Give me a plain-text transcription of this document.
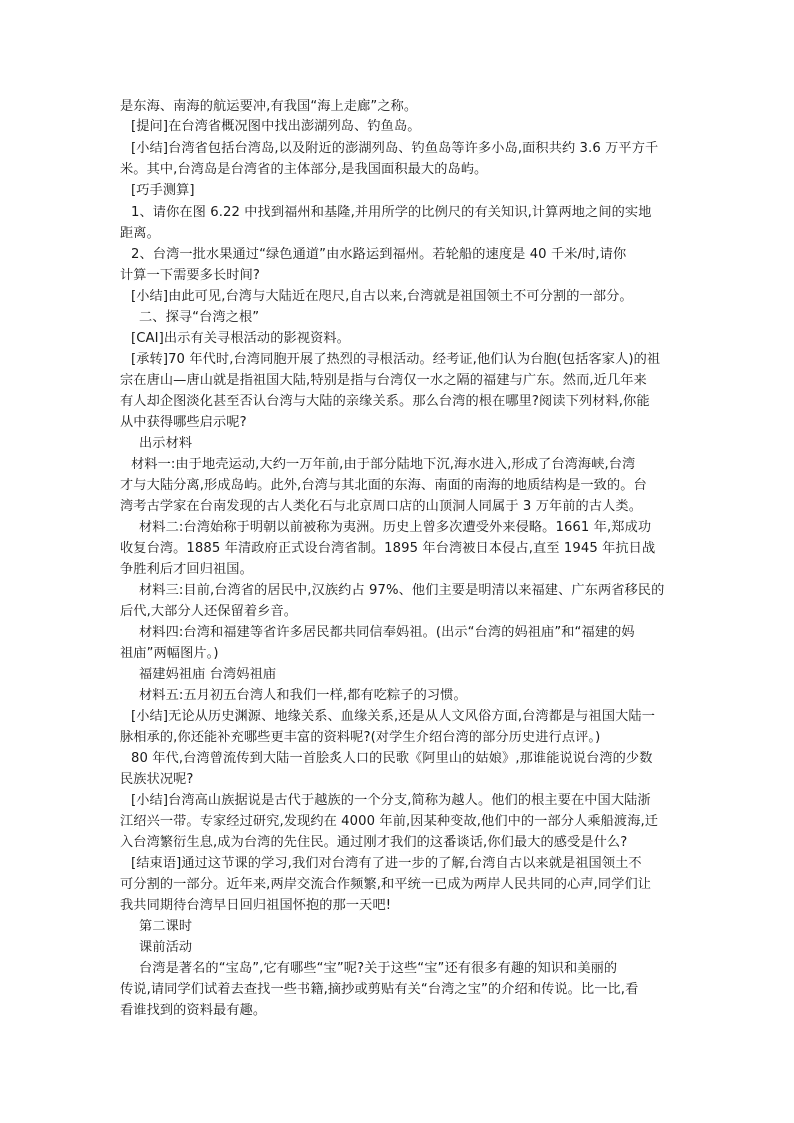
是东海、南海的航运要冲,有我国“海上走廊”之称。

[提问]在台湾省概况图中找出澎湖列岛、钓鱼岛。

[小结]台湾省包括台湾岛,以及附近的澎湖列岛、钓鱼岛等许多小岛,面积共约 3.6 万平方千

米。其中,台湾岛是台湾省的主体部分,是我国面积最大的岛屿。

[巧手测算]

1、请你在图 6.22 中找到福州和基隆,并用所学的比例尺的有关知识,计算两地之间的实地

距离。

2、台湾一批水果通过“绿色通道”由水路运到福州。若轮船的速度是 40 千米/时,请你

计算一下需要多长时间?

[小结]由此可见,台湾与大陆近在咫尺,自古以来,台湾就是祖国领土不可分割的一部分。

二、探寻“台湾之根”

[CAI]出示有关寻根活动的影视资料。

[承转]70 年代时,台湾同胞开展了热烈的寻根活动。经考证,他们认为台胞(包括客家人)的祖

宗在唐山—唐山就是指祖国大陆,特别是指与台湾仅一水之隔的福建与广东。然而,近几年来

有人却企图淡化甚至否认台湾与大陆的亲缘关系。那么台湾的根在哪里?阅读下列材料,你能

从中获得哪些启示呢?

出示材料

材料一:由于地壳运动,大约一万年前,由于部分陆地下沉,海水进入,形成了台湾海峡,台湾

才与大陆分离,形成岛屿。此外,台湾与其北面的东海、南面的南海的地质结构是一致的。台

湾考古学家在台南发现的古人类化石与北京周口店的山顶洞人同属于 3 万年前的古人类。

材料二:台湾始称于明朝以前被称为夷洲。历史上曾多次遭受外来侵略。1661 年,郑成功

收复台湾。1885 年清政府正式设台湾省制。1895 年台湾被日本侵占,直至 1945 年抗日战

争胜利后才回归祖国。

材料三:目前,台湾省的居民中,汉族约占 97%、他们主要是明清以来福建、广东两省移民的

后代,大部分人还保留着乡音。

材料四:台湾和福建等省许多居民都共同信奉妈祖。(出示“台湾的妈祖庙”和“福建的妈

祖庙”两幅图片。)

福建妈祖庙 台湾妈祖庙

材料五:五月初五台湾人和我们一样,都有吃粽子的习惯。

[小结]无论从历史渊源、地缘关系、血缘关系,还是从人文风俗方面,台湾都是与祖国大陆一

脉相承的,你还能补充哪些更丰富的资料呢?(对学生介绍台湾的部分历史进行点评。)

80 年代,台湾曾流传到大陆一首脍炙人口的民歌《阿里山的姑娘》,那谁能说说台湾的少数

民族状况呢?

[小结]台湾高山族据说是古代于越族的一个分支,简称为越人。他们的根主要在中国大陆浙

江绍兴一带。专家经过研究,发现约在 4000 年前,因某种变故,他们中的一部分人乘船渡海,迁

入台湾繁衍生息,成为台湾的先住民。通过刚才我们的这番谈话,你们最大的感受是什么?

[结束语]通过这节课的学习,我们对台湾有了进一步的了解,台湾自古以来就是祖国领土不

可分割的一部分。近年来,两岸交流合作频繁,和平统一已成为两岸人民共同的心声,同学们让

我共同期待台湾早日回归祖国怀抱的那一天吧!

第二课时

课前活动

台湾是著名的“宝岛”,它有哪些“宝”呢?关于这些“宝”还有很多有趣的知识和美丽的

传说,请同学们试着去查找一些书籍,摘抄或剪贴有关“台湾之宝”的介绍和传说。比一比,看

看谁找到的资料最有趣。
